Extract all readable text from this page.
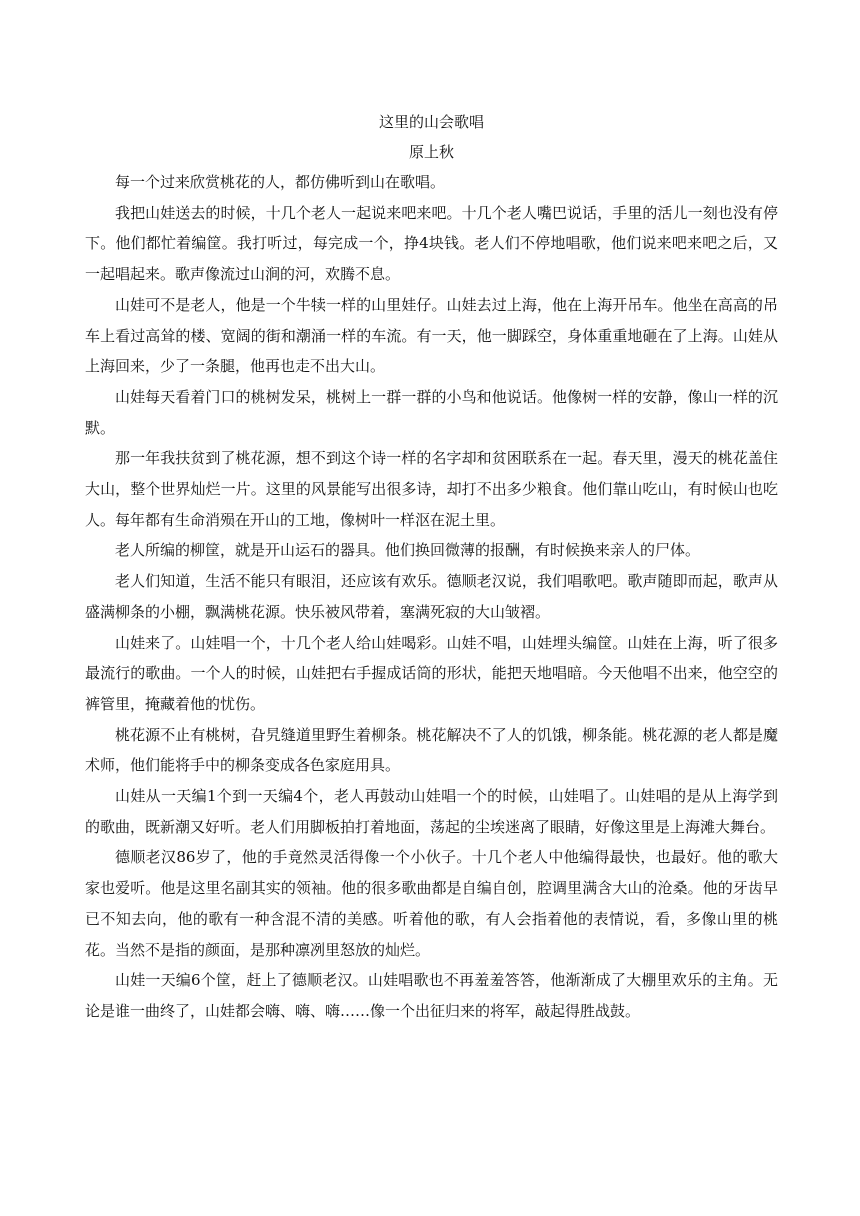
这里的山会歌唱

原上秋

每一个过来欣赏桃花的人，都仿佛听到山在歌唱。

我把山娃送去的时候，十几个老人一起说来吧来吧。十几个老人嘴巴说话，手里的活儿一刻也没有停下。他们都忙着编筐。我打听过，每完成一个，挣4块钱。老人们不停地唱歌，他们说来吧来吧之后，又一起唱起来。歌声像流过山涧的河，欢腾不息。

山娃可不是老人，他是一个牛犊一样的山里娃仔。山娃去过上海，他在上海开吊车。他坐在高高的吊车上看过高耸的楼、宽阔的街和潮涌一样的车流。有一天，他一脚踩空，身体重重地砸在了上海。山娃从上海回来，少了一条腿，他再也走不出大山。

山娃每天看着门口的桃树发呆，桃树上一群一群的小鸟和他说话。他像树一样的安静，像山一样的沉默。

那一年我扶贫到了桃花源，想不到这个诗一样的名字却和贫困联系在一起。春天里，漫天的桃花盖住大山，整个世界灿烂一片。这里的风景能写出很多诗，却打不出多少粮食。他们靠山吃山，有时候山也吃人。每年都有生命消殒在开山的工地，像树叶一样沤在泥土里。

老人所编的柳筐，就是开山运石的器具。他们换回微薄的报酬，有时候换来亲人的尸体。

老人们知道，生活不能只有眼泪，还应该有欢乐。德顺老汉说，我们唱歌吧。歌声随即而起，歌声从盛满柳条的小棚，飘满桃花源。快乐被风带着，塞满死寂的大山皱褶。

山娃来了。山娃唱一个，十几个老人给山娃喝彩。山娃不唱，山娃埋头编筐。山娃在上海，听了很多最流行的歌曲。一个人的时候，山娃把右手握成话筒的形状，能把天地唱暗。今天他唱不出来，他空空的裤管里，掩藏着他的忧伤。

桃花源不止有桃树，旮旯缝道里野生着柳条。桃花解决不了人的饥饿，柳条能。桃花源的老人都是魔术师，他们能将手中的柳条变成各色家庭用具。

山娃从一天编1个到一天编4个，老人再鼓动山娃唱一个的时候，山娃唱了。山娃唱的是从上海学到的歌曲，既新潮又好听。老人们用脚板拍打着地面，荡起的尘埃迷离了眼睛，好像这里是上海滩大舞台。

德顺老汉86岁了，他的手竟然灵活得像一个小伙子。十几个老人中他编得最快，也最好。他的歌大家也爱听。他是这里名副其实的领袖。他的很多歌曲都是自编自创，腔调里满含大山的沧桑。他的牙齿早已不知去向，他的歌有一种含混不清的美感。听着他的歌，有人会指着他的表情说，看，多像山里的桃花。当然不是指的颜面，是那种凛冽里怒放的灿烂。

山娃一天编6个筐，赶上了德顺老汉。山娃唱歌也不再羞羞答答，他渐渐成了大棚里欢乐的主角。无论是谁一曲终了，山娃都会嗨、嗨、嗨……像一个出征归来的将军，敲起得胜战鼓。
